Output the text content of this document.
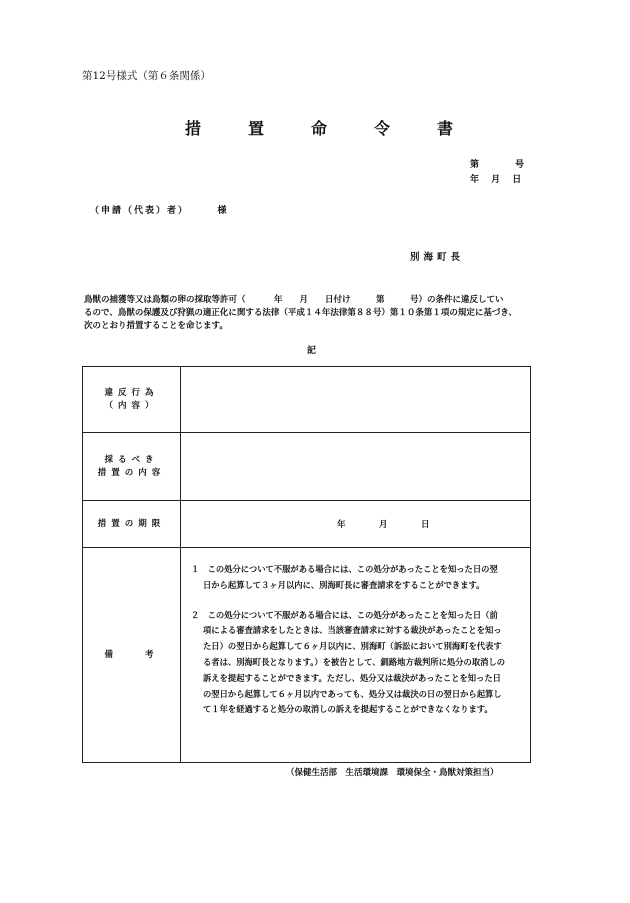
第12号様式（第６条関係）
措置命令書
第　　　　号
年　 月　 日
（申請（代表）者）　　　様
別海町長

鳥獣の捕獲等又は鳥類の卵の採取等許可（　　　 年　　月　　日付け　　　第　　　号）の条件に違反してい

るので、鳥獣の保護及び狩猟の適正化に関する法律（平成１４年法律第８８号）第１０条第１項の規定に基づき、

次のとおり措置することを命じます。

記
違反行為
（内容）
採るべき
措置の内容
措置の期限	年　　　月　　　日
備　　考

１　この処分について不服がある場合には、この処分があったことを知った日の翌
日から起算して３ヶ月以内に、別海町長に審査請求をすることができます。

２　この処分について不服がある場合には、この処分があったことを知った日（前
項による審査請求をしたときは、当該審査請求に対する裁決があったことを知っ
た日）の翌日から起算して６ヶ月以内に、別海町（訴訟において別海町を代表す
る者は、別海町長となります。）を被告として、釧路地方裁判所に処分の取消しの
訴えを提起することができます。ただし、処分又は裁決があったことを知った日
の翌日から起算して６ヶ月以内であっても、処分又は裁決の日の翌日から起算し
て１年を経過すると処分の取消しの訴えを提起することができなくなります。

（保健生活部　生活環境課　環境保全・鳥獣対策担当）
